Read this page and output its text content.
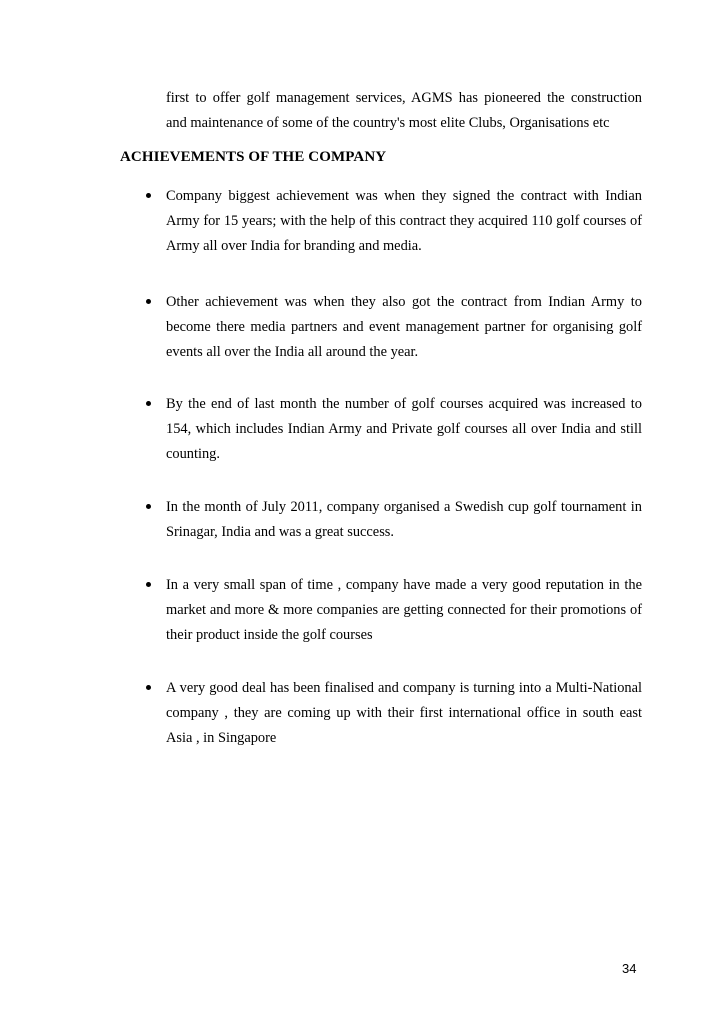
first to offer golf management services, AGMS has pioneered the construction
and maintenance of some of the country's most elite Clubs, Organisations etc
ACHIEVEMENTS OF THE COMPANY
Company biggest achievement was when they signed the contract with Indian Army for 15 years; with the help of this contract they acquired 110 golf courses of Army all over India for branding and media.
Other achievement was when they also got the contract from Indian Army to become there media partners and event management partner for organising golf events all over the India all around the year.
By the end of last month the number of golf courses acquired was increased to 154, which includes Indian Army and Private golf courses all over India and still counting.
In the month of July 2011, company organised a Swedish cup golf tournament in Srinagar, India and was a great success.
In a very small span of time , company have made a very good reputation in the market and more & more companies are getting connected for their promotions of their product inside the golf courses
A very good deal has been finalised and company is turning into a Multi-National company , they are coming up with their first international office in south east Asia , in Singapore
34
